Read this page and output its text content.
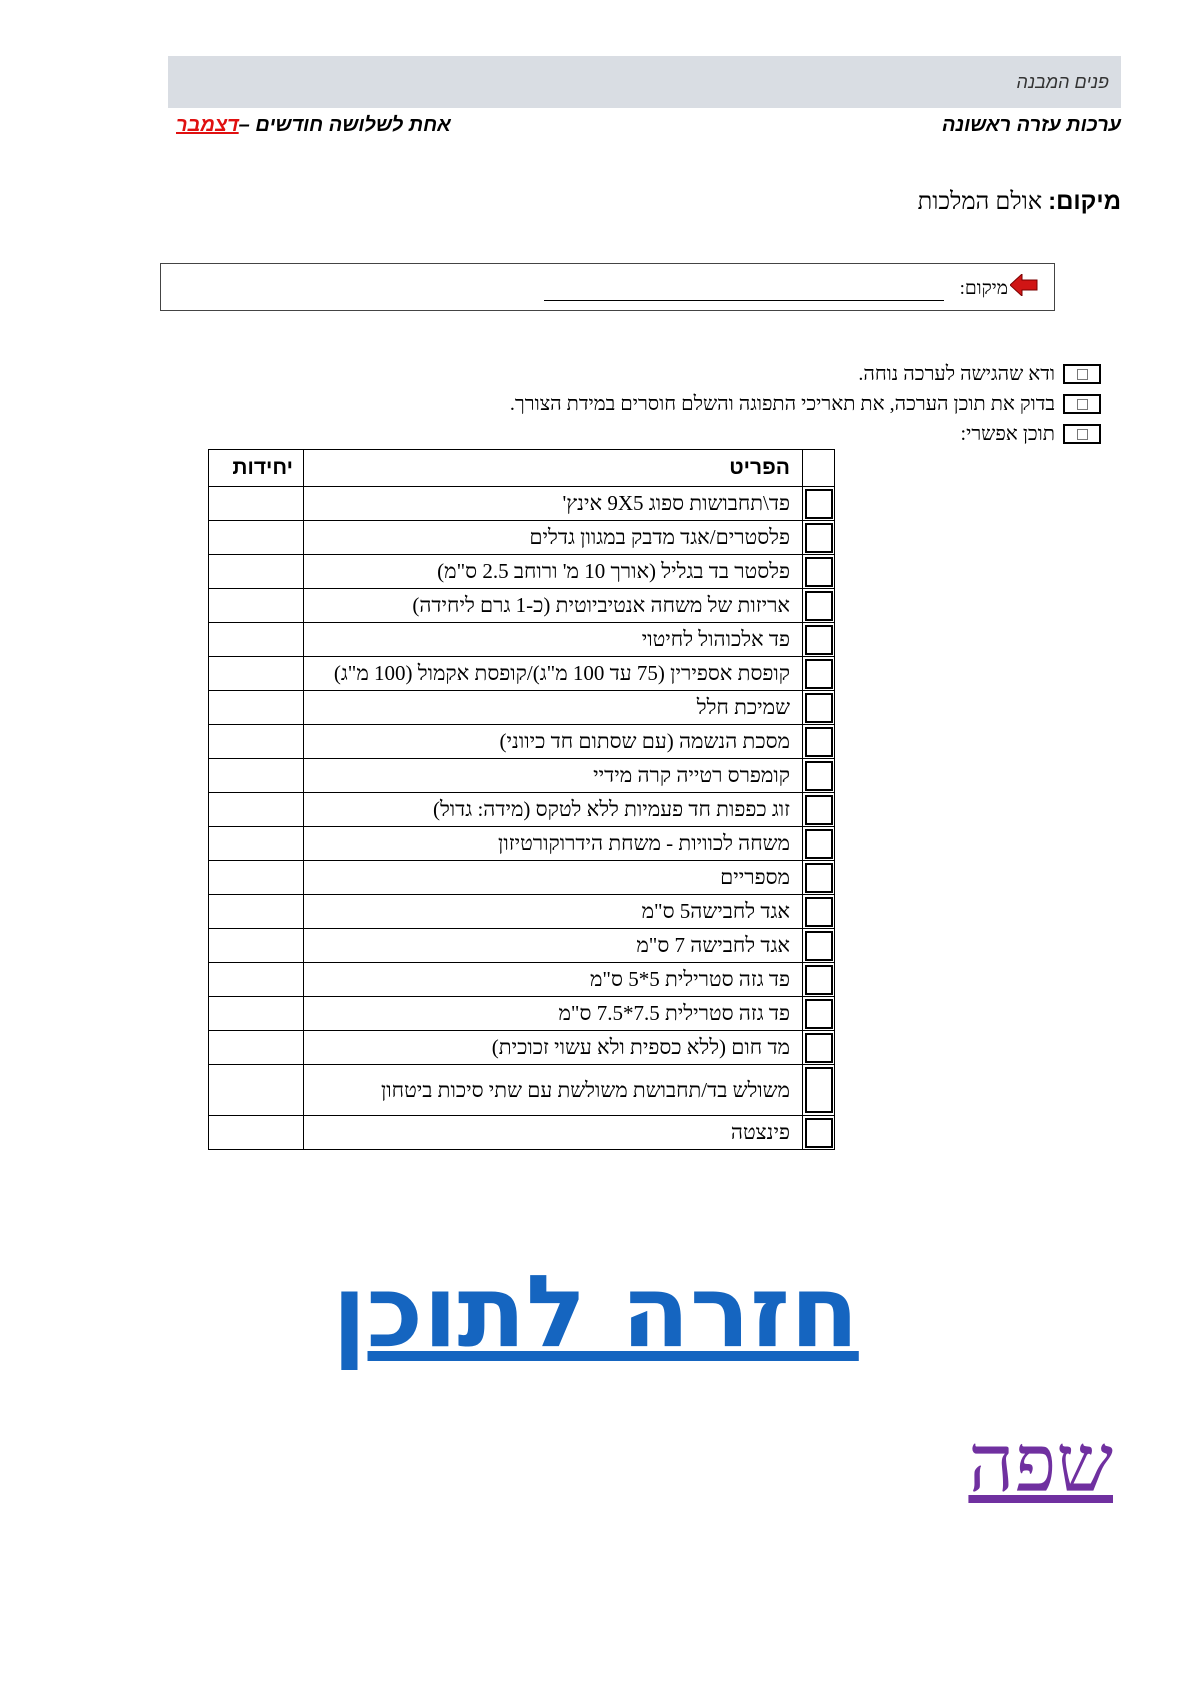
פנים המבנה
ערכות עזרה ראשונה
אחת לשלושה חודשים –דצמבר
מיקום: אולם המלכות
מיקום:
ודא שהגישה לערכה נוחה.
בדוק את תוכן הערכה, את תאריכי התפוגה והשלם חוסרים במידת הצורך.
תוכן אפשרי:
	הפריט	יחידות
	פד\תחבושות ספוג 9X5 אינץ'	
	פלסטרים/אגד מדבק במגוון גדלים	
	פלסטר בד בגליל (אורך 10 מ' ורוחב 2.5 ס"מ)	
	אריזות של משחה אנטיביוטית (כ-1 גרם ליחידה)	
	פד אלכוהול לחיטוי	
	קופסת אספירין (75 עד 100 מ"ג)/קופסת אקמול (100 מ"ג)	
	שמיכת חלל	
	מסכת הנשמה (עם שסתום חד כיווני)	
	קומפרס רטייה קרה מידיי	
	זוג כפפות חד פעמיות ללא לטקס (מידה: גדול)	
	משחה לכוויות - משחת הידרוקורטיזון	
	מספריים	
	אגד לחבישה5 ס"מ	
	אגד לחבישה 7 ס"מ	
	פד גזה סטרילית 5*5 ס"מ	
	פד גזה סטרילית 7.5*7.5 ס"מ	
	מד חום (ללא כספית ולא עשוי זכוכית)	
	משולש בד/תחבושת משולשת עם שתי סיכות ביטחון	
	פינצטה	
חזרה לתוכן
שפה
